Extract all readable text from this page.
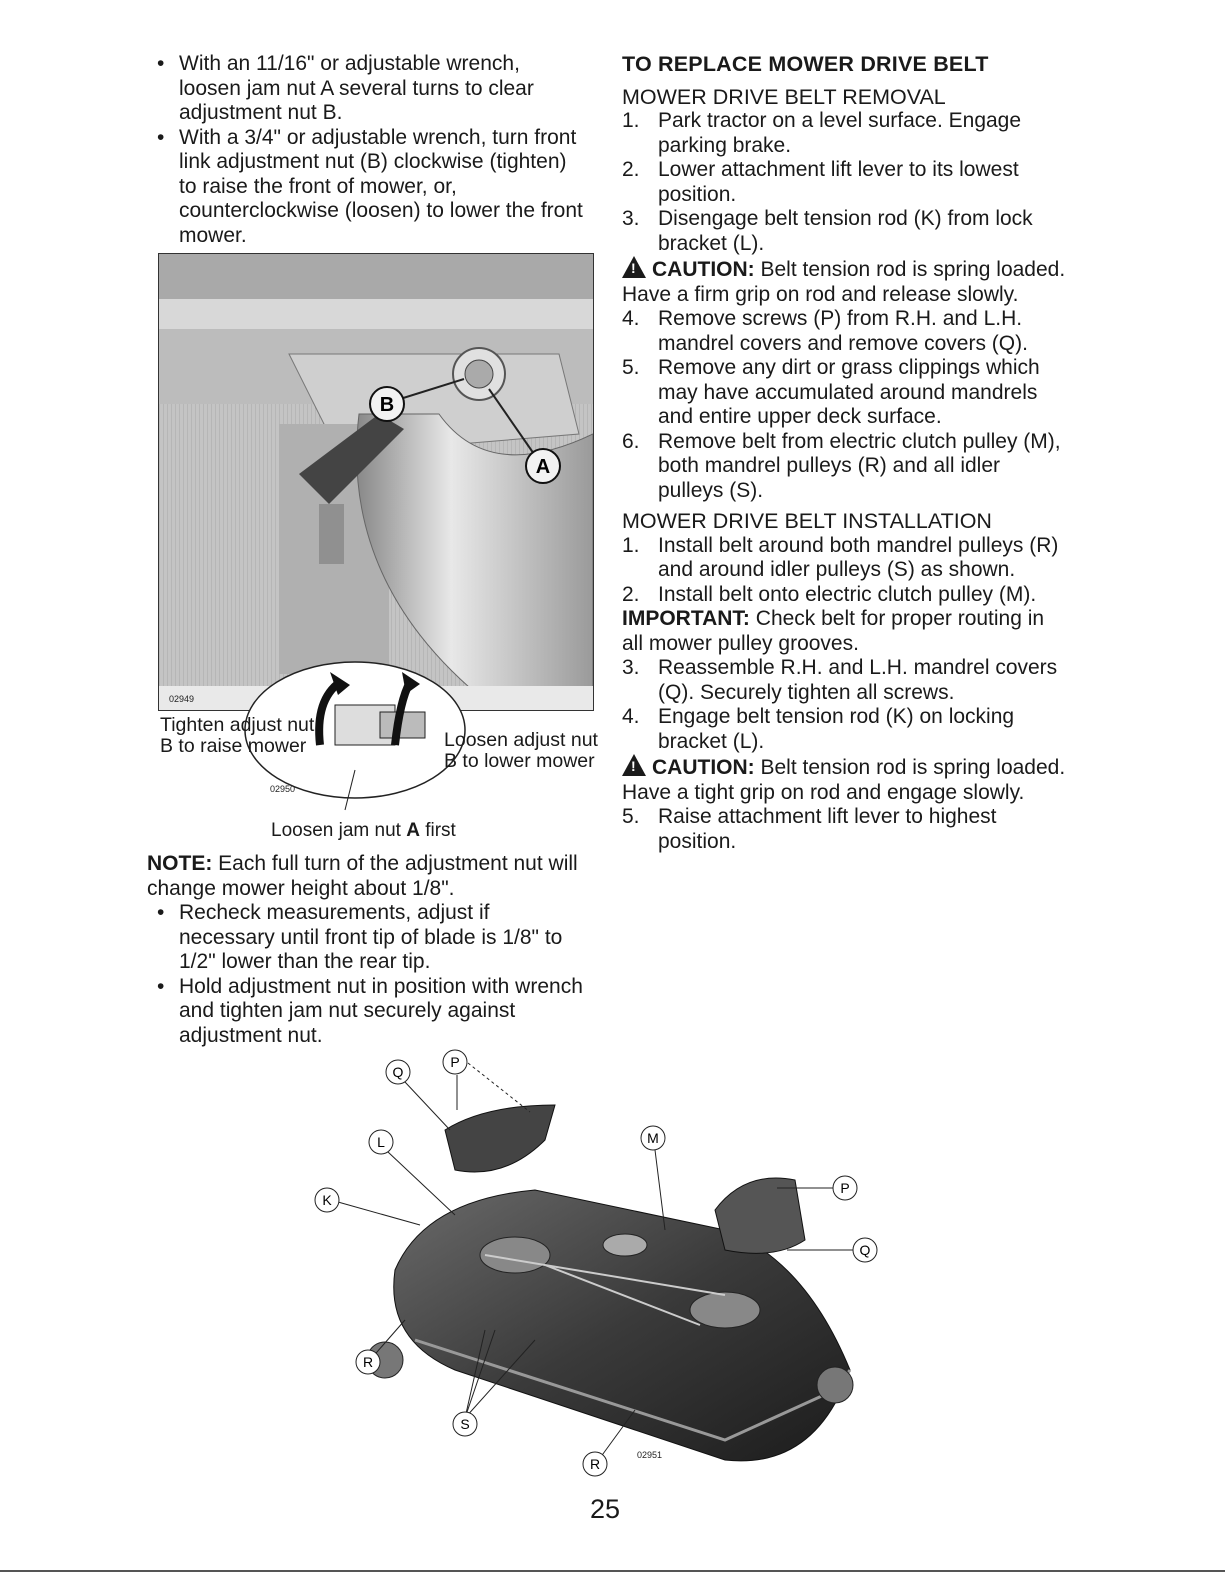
• With an 11/16" or adjustable wrench, loosen jam nut A several turns to clear adjustment nut B.

• With a 3/4" or adjustable wrench, turn front link adjustment nut (B) clockwise (tighten) to raise the front of mower, or, counterclockwise (loosen) to lower the front mower.

02949
B
A
02950
Tighten adjust nut
B to raise mower	Loosen adjust nut
B to lower mower
Loosen jam nut A first

NOTE: Each full turn of the adjustment nut will change mower height about 1/8".

• Recheck measurements, adjust if necessary until front tip of blade is 1/8" to 1/2" lower than the rear tip.

• Hold adjustment nut in position with wrench and tighten jam nut securely against adjustment nut.

TO REPLACE MOWER DRIVE BELT

MOWER DRIVE BELT REMOVAL

1. Park tractor on a level surface. Engage parking brake.

2. Lower attachment lift lever to its lowest position.

3. Disengage belt tension rod (K) from lock bracket (L).

! CAUTION: Belt tension rod is spring loaded. Have a firm grip on rod and release slowly.

4. Remove screws (P) from R.H. and L.H. mandrel covers and remove covers (Q).

5. Remove any dirt or grass clippings which may have accumulated around mandrels and entire upper deck surface.

6. Remove belt from electric clutch pulley (M), both mandrel pulleys (R) and all idler pulleys (S).

MOWER DRIVE BELT INSTALLATION

1. Install belt around both mandrel pulleys (R) and around idler pulleys (S) as shown.

2. Install belt onto electric clutch pulley (M).

IMPORTANT: Check belt for proper routing in all mower pulley grooves.

3. Reassemble R.H. and L.H. mandrel covers (Q). Securely tighten all screws.

4. Engage belt tension rod (K) on locking bracket (L).

! CAUTION: Belt tension rod is spring loaded. Have a tight grip on rod and engage slowly.

5. Raise attachment lift lever to highest position.

Q
P
L
K
M
P
Q
R
S
R
02951
25
